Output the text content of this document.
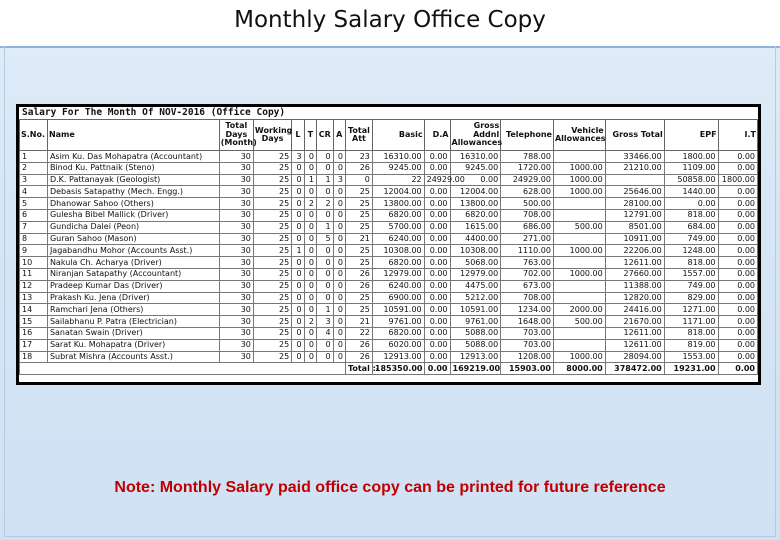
Monthly Salary Office Copy
Salary For The Month Of NOV-2016 (Office Copy)
S.No.	Name	Total Days (Month)	Working Days	L	T	CR	A	Total Att	Basic	D.A	Gross Addnl Allowances	Telephone	Vehicle Allowances	Gross Total	EPF	I.T
1	Asim Ku. Das Mohapatra (Accountant)	30	25	3	0	0	0	23	16310.00	0.00	16310.00	788.00		33466.00	1800.00	0.00
2	Binod Ku. Pattnaik (Steno)	30	25	0	0	0	0	26	9245.00	0.00	9245.00	1720.00	1000.00	21210.00	1109.00	0.00
3	D.K. Pattanayak (Geologist)	30	25	0	1	1	3	0	22	24929.00	0.00	24929.00	1000.00		50858.00	1800.00
4	Debasis Satapathy (Mech. Engg.)	30	25	0	0	0	0	25	12004.00	0.00	12004.00	628.00	1000.00	25646.00	1440.00	0.00
5	Dhanowar Sahoo (Others)	30	25	0	2	2	0	25	13800.00	0.00	13800.00	500.00		28100.00	0.00	0.00
6	Gulesha Bibel Mallick (Driver)	30	25	0	0	0	0	25	6820.00	0.00	6820.00	708.00		12791.00	818.00	0.00
7	Gundicha Dalei (Peon)	30	25	0	0	1	0	25	5700.00	0.00	1615.00	686.00	500.00	8501.00	684.00	0.00
8	Guran Sahoo (Mason)	30	25	0	0	5	0	21	6240.00	0.00	4400.00	271.00		10911.00	749.00	0.00
9	Jagabandhu Mohor (Accounts Asst.)	30	25	1	0	0	0	25	10308.00	0.00	10308.00	1110.00	1000.00	22206.00	1248.00	0.00
10	Nakula Ch. Acharya (Driver)	30	25	0	0	0	0	25	6820.00	0.00	5068.00	763.00		12611.00	818.00	0.00
11	Niranjan Satapathy (Accountant)	30	25	0	0	0	0	26	12979.00	0.00	12979.00	702.00	1000.00	27660.00	1557.00	0.00
12	Pradeep Kumar Das (Driver)	30	25	0	0	0	0	26	6240.00	0.00	4475.00	673.00		11388.00	749.00	0.00
13	Prakash Ku. Jena (Driver)	30	25	0	0	0	0	25	6900.00	0.00	5212.00	708.00		12820.00	829.00	0.00
14	Ramchari Jena (Others)	30	25	0	0	1	0	25	10591.00	0.00	10591.00	1234.00	2000.00	24416.00	1271.00	0.00
15	Sailabhanu P. Patra (Electrician)	30	25	0	2	3	0	21	9761.00	0.00	9761.00	1648.00	500.00	21670.00	1171.00	0.00
16	Sanatan Swain (Driver)	30	25	0	0	4	0	22	6820.00	0.00	5088.00	703.00		12611.00	818.00	0.00
17	Sarat Ku. Mohapatra (Driver)	30	25	0	0	0	0	26	6020.00	0.00	5088.00	703.00		12611.00	819.00	0.00
18	Subrat Mishra (Accounts Asst.)	30	25	0	0	0	0	26	12913.00	0.00	12913.00	1208.00	1000.00	28094.00	1553.00	0.00
								Total :-	185350.00	0.00	169219.00	15903.00	8000.00	378472.00	19231.00	0.00
Note: Monthly Salary paid office copy can be printed for future reference
